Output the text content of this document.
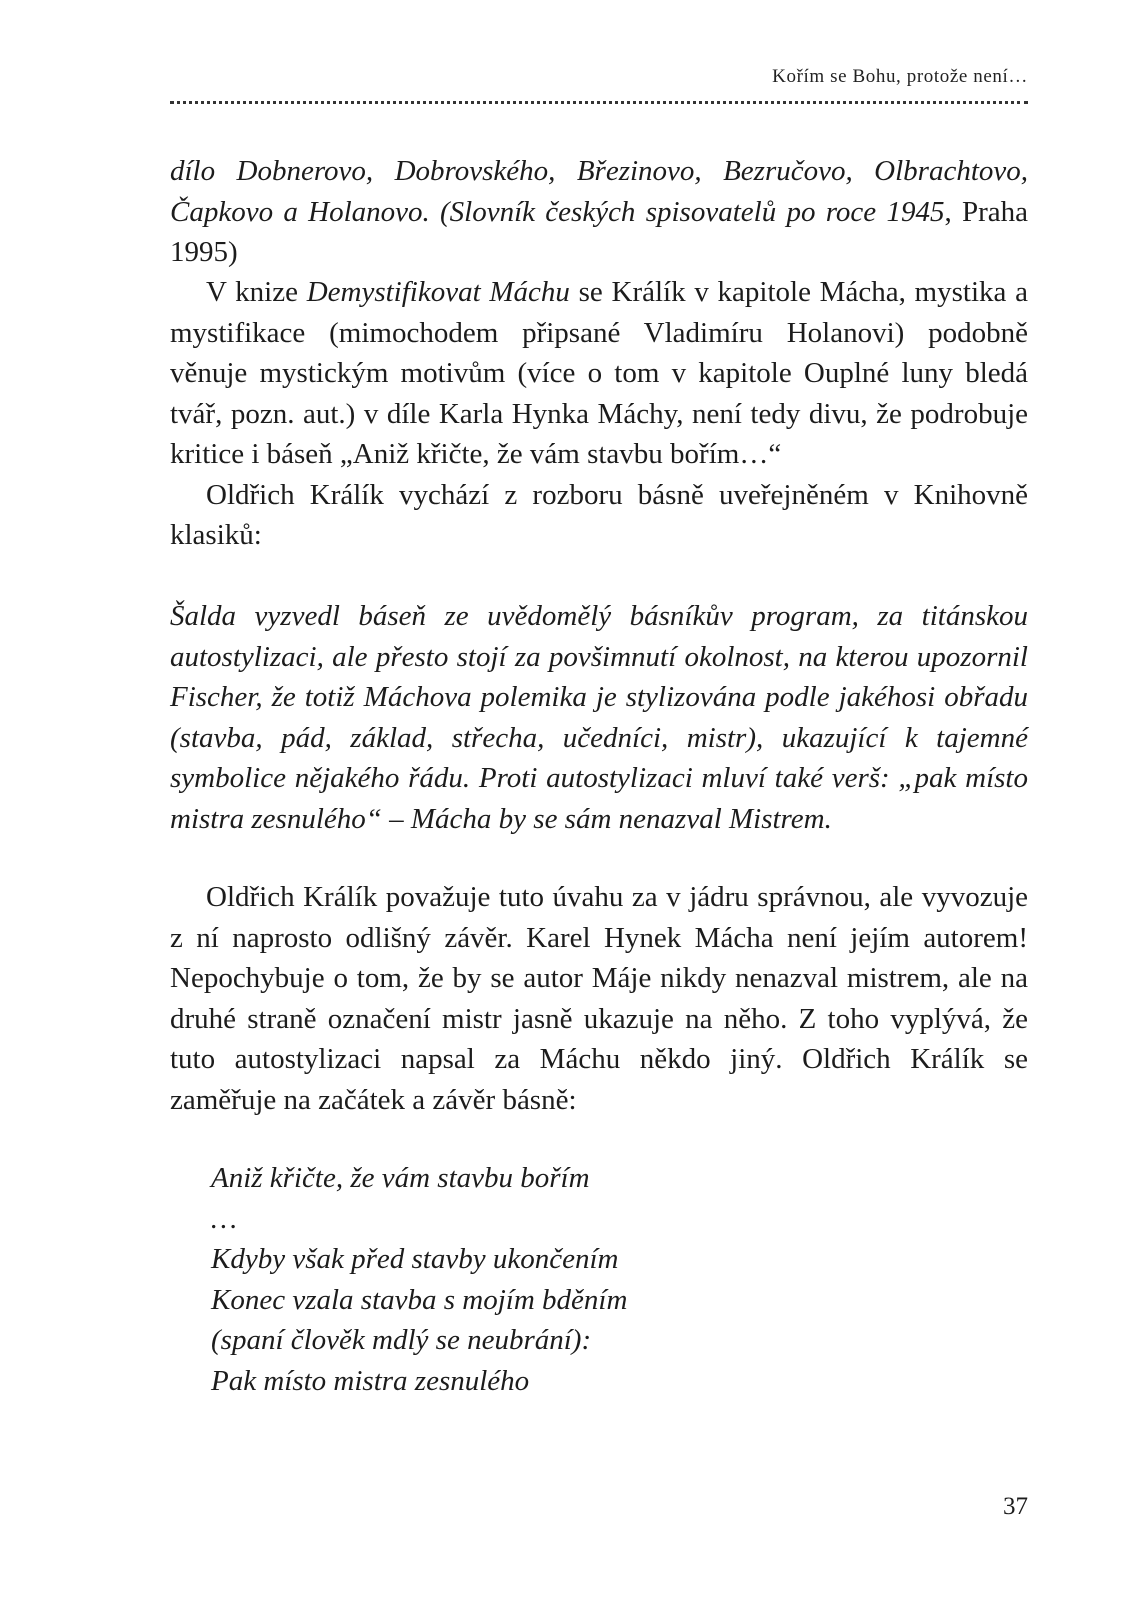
Kořím se Bohu, protože není…

dílo Dobnerovo, Dobrovského, Březinovo, Bezručovo, Olbrachtovo, Čapkovo a Holanovo. (Slovník českých spisovatelů po roce 1945, Praha 1995)

V knize Demystifikovat Máchu se Králík v kapitole Mácha, mystika a mystifikace (mimochodem připsané Vladimíru Holanovi) podobně věnuje mystickým motivům (více o tom v kapitole Ouplné luny bledá tvář, pozn. aut.) v díle Karla Hynka Máchy, není tedy divu, že podrobuje kritice i báseň „Aniž křičte, že vám stavbu bořím…“

Oldřich Králík vychází z rozboru básně uveřejněném v Knihovně klasiků:

Šalda vyzvedl báseň ze uvědomělý básníkův program, za titánskou autostylizaci, ale přesto stojí za povšimnutí okolnost, na kterou upozornil Fischer, že totiž Máchova polemika je stylizována podle jakéhosi obřadu (stavba, pád, základ, střecha, učedníci, mistr), ukazující k tajemné symbolice nějakého řádu. Proti autostylizaci mluví také verš: „pak místo mistra zesnulého“ – Mácha by se sám nenazval Mistrem.

Oldřich Králík považuje tuto úvahu za v jádru správnou, ale vyvozuje z ní naprosto odlišný závěr. Karel Hynek Mácha není jejím autorem! Nepochybuje o tom, že by se autor Máje nikdy nenazval mistrem, ale na druhé straně označení mistr jasně ukazuje na něho. Z toho vyplývá, že tuto autostylizaci napsal za Máchu někdo jiný. Oldřich Králík se zaměřuje na začátek a závěr básně:

Aniž křičte, že vám stavbu bořím
…
Kdyby však před stavby ukončením
Konec vzala stavba s mojím bděním
(spaní člověk mdlý se neubrání):
Pak místo mistra zesnulého
37
